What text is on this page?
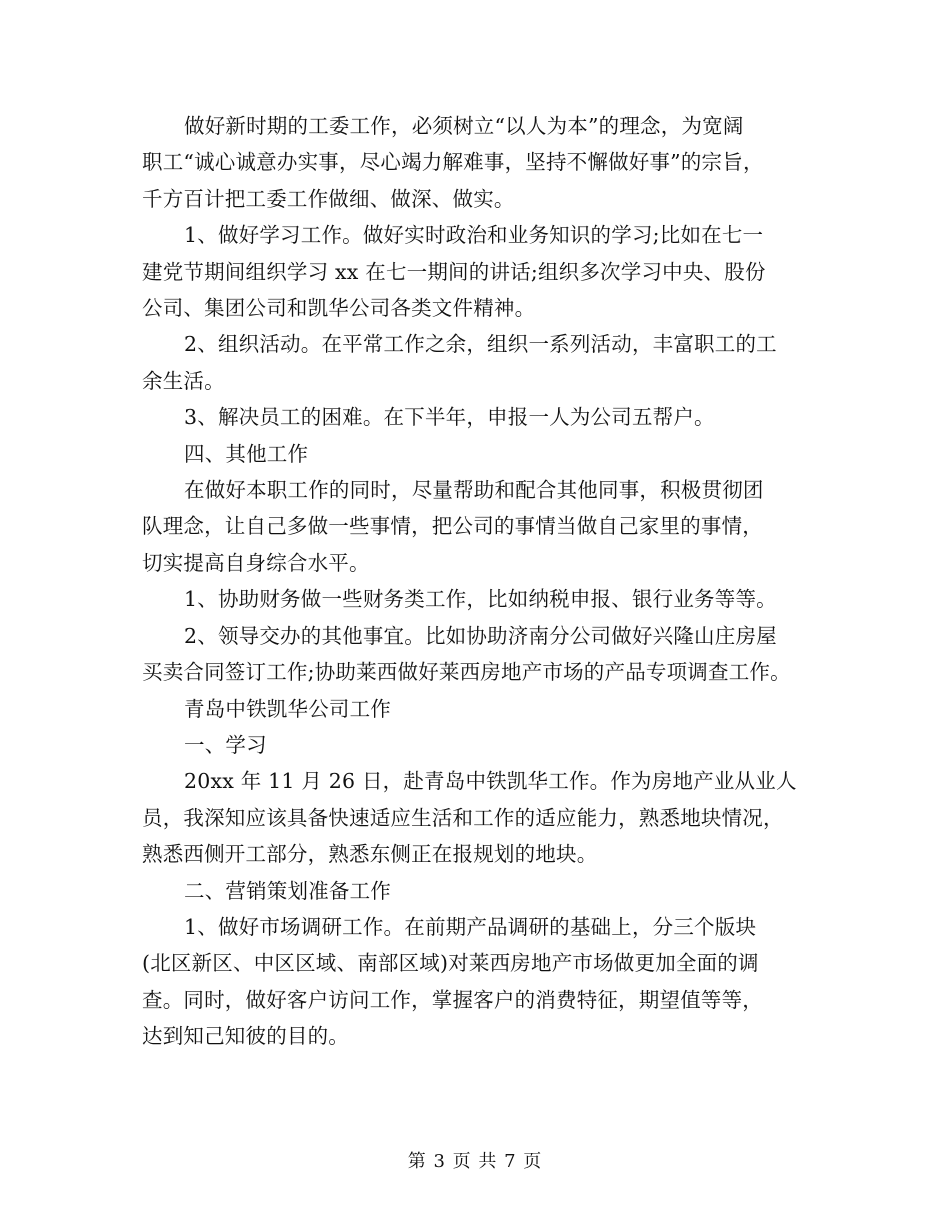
做好新时期的工委工作，必须树立“以人为本”的理念，为宽阔
职工“诚心诚意办实事，尽心竭力解难事，坚持不懈做好事”的宗旨，
千方百计把工委工作做细、做深、做实。

1、做好学习工作。做好实时政治和业务知识的学习;比如在七一
建党节期间组织学习 xx 在七一期间的讲话;组织多次学习中央、股份
公司、集团公司和凯华公司各类文件精神。

2、组织活动。在平常工作之余，组织一系列活动，丰富职工的工
余生活。

3、解决员工的困难。在下半年，申报一人为公司五帮户。

四、其他工作

在做好本职工作的同时，尽量帮助和配合其他同事，积极贯彻团
队理念，让自己多做一些事情，把公司的事情当做自己家里的事情，
切实提高自身综合水平。

1、协助财务做一些财务类工作，比如纳税申报、银行业务等等。

2、领导交办的其他事宜。比如协助济南分公司做好兴隆山庄房屋
买卖合同签订工作;协助莱西做好莱西房地产市场的产品专项调查工作。

青岛中铁凯华公司工作

一、学习

20xx 年 11 月 26 日，赴青岛中铁凯华工作。作为房地产业从业人
员，我深知应该具备快速适应生活和工作的适应能力，熟悉地块情况，
熟悉西侧开工部分，熟悉东侧正在报规划的地块。

二、营销策划准备工作

1、做好市场调研工作。在前期产品调研的基础上，分三个版块
(北区新区、中区区域、南部区域)对莱西房地产市场做更加全面的调
查。同时，做好客户访问工作，掌握客户的消费特征，期望值等等，
达到知己知彼的目的。

第 3 页 共 7 页
